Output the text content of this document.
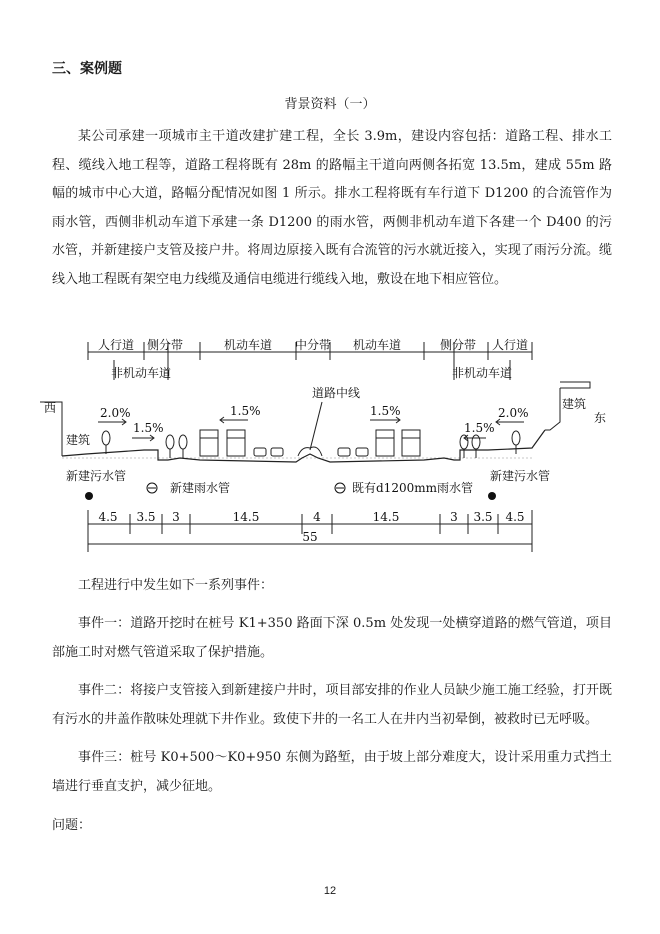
三、案例题
背景资料（一）
某公司承建一项城市主干道改建扩建工程，全长 3.9m，建设内容包括：道路工程、排水工程、缆线入地工程等，道路工程将既有 28m 的路幅主干道向两侧各拓宽 13.5m，建成 55m 路幅的城市中心大道，路幅分配情况如图 1 所示。排水工程将既有车行道下 D1200 的合流管作为雨水管，西侧非机动车道下承建一条 D1200 的雨水管，两侧非机动车道下各建一个 D400 的污水管，并新建接户支管及接户井。将周边原接入既有合流管的污水就近接入，实现了雨污分流。缆线入地工程既有架空电力线缆及通信电缆进行缆线入地，敷设在地下相应管位。
人行道 侧分带	机动车道 中分带 机动车道	侧分带 人行道
非机动车道	非机动车道
道路中线
西
东
建筑
建筑
2.0%
1.5%
1.5%	1.5%
1.5%
2.0%
新建污水管
新建雨水管	既有d1200mm雨水管
新建污水管
4.5 3.5 3	14.5	4	14.5	3 3.5 4.5
55
工程进行中发生如下一系列事件：
事件一：道路开挖时在桩号 K1+350 路面下深 0.5m 处发现一处横穿道路的燃气管道，项目部施工时对燃气管道采取了保护措施。
事件二：将接户支管接入到新建接户井时，项目部安排的作业人员缺少施工施工经验，打开既有污水的井盖作散味处理就下井作业。致使下井的一名工人在井内当初晕倒，被救时已无呼吸。
事件三：桩号 K0+500～K0+950 东侧为路堑，由于坡上部分难度大，设计采用重力式挡土墙进行垂直支护，减少征地。
问题：
12
